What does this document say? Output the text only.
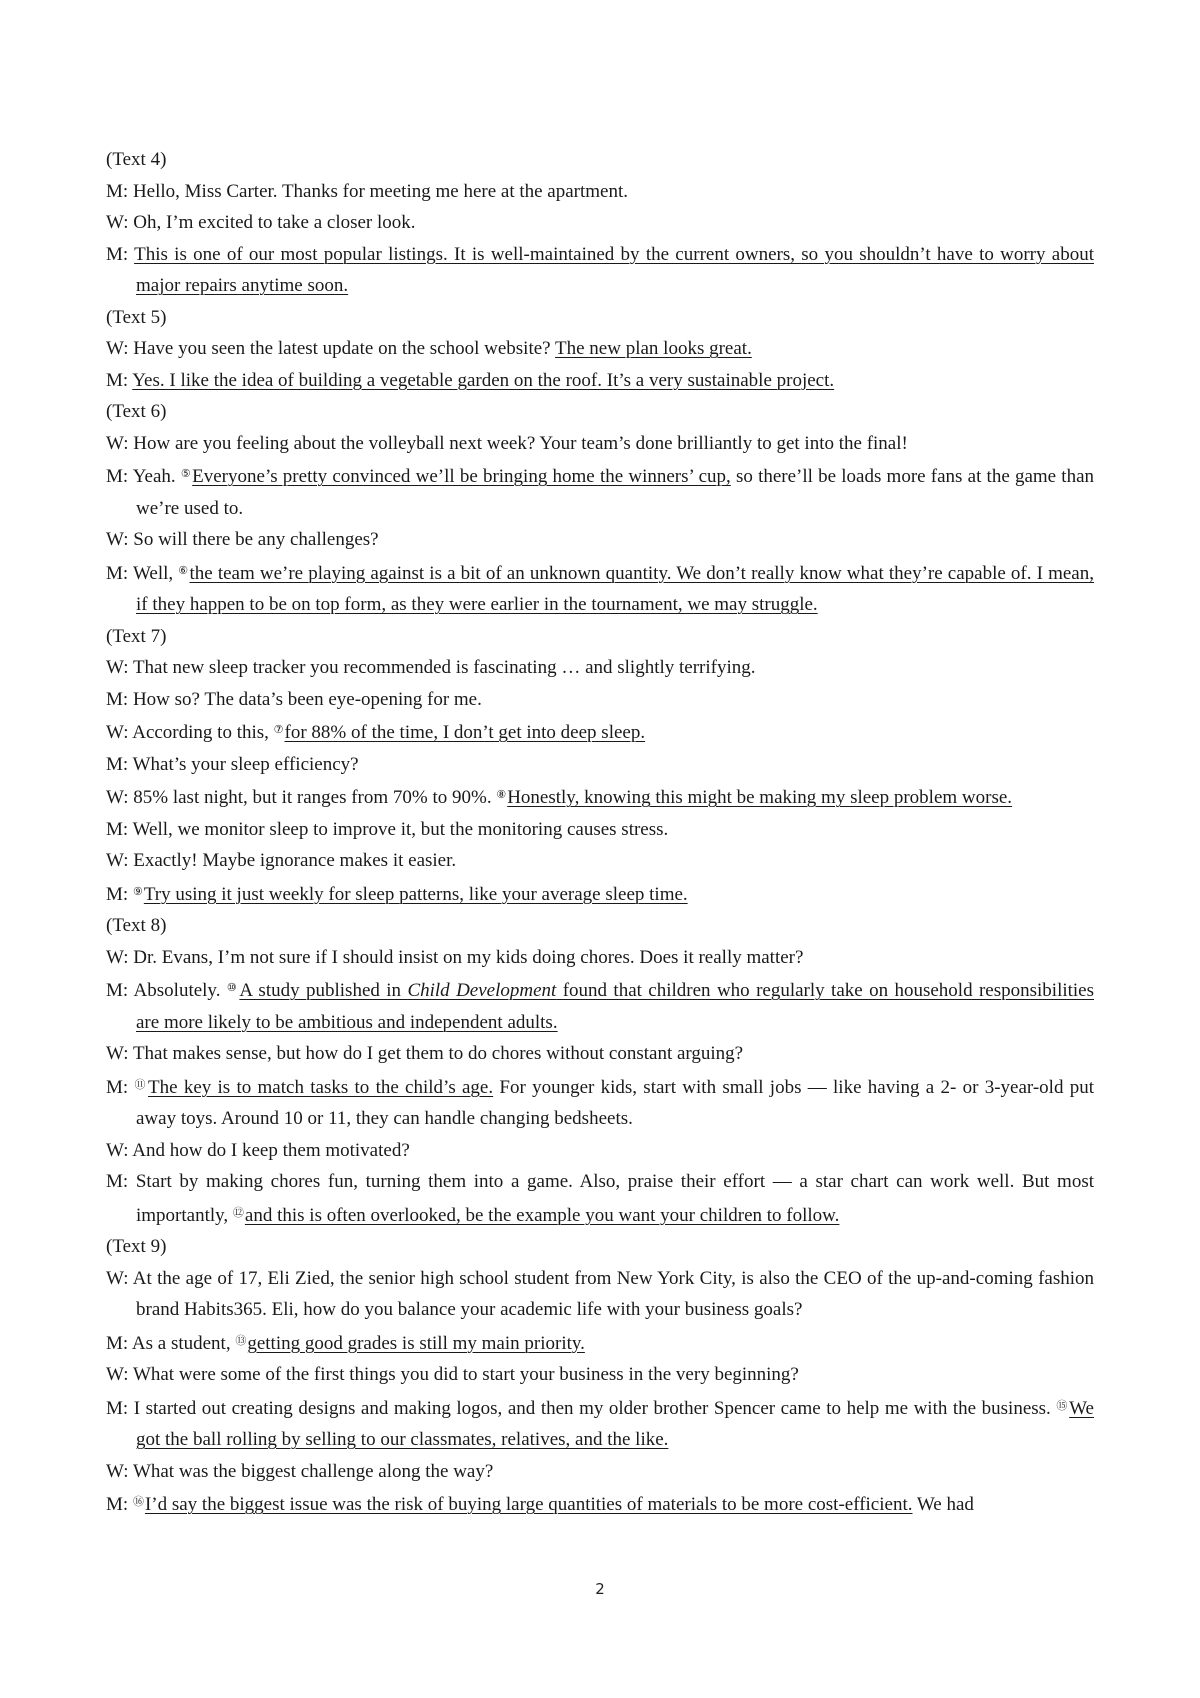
(Text 4)
M: Hello, Miss Carter. Thanks for meeting me here at the apartment.
W: Oh, I’m excited to take a closer look.
M: This is one of our most popular listings. It is well-maintained by the current owners, so you shouldn’t have to worry about major repairs anytime soon.
(Text 5)
W: Have you seen the latest update on the school website? The new plan looks great.
M: Yes. I like the idea of building a vegetable garden on the roof. It’s a very sustainable project.
(Text 6)
W: How are you feeling about the volleyball next week? Your team’s done brilliantly to get into the final!
M: Yeah. ⑤Everyone’s pretty convinced we’ll be bringing home the winners’ cup, so there’ll be loads more fans at the game than we’re used to.
W: So will there be any challenges?
M: Well, ⑥the team we’re playing against is a bit of an unknown quantity. We don’t really know what they’re capable of. I mean, if they happen to be on top form, as they were earlier in the tournament, we may struggle.
(Text 7)
W: That new sleep tracker you recommended is fascinating … and slightly terrifying.
M: How so? The data’s been eye-opening for me.
W: According to this, ⑦for 88% of the time, I don’t get into deep sleep.
M: What’s your sleep efficiency?
W: 85% last night, but it ranges from 70% to 90%. ⑧Honestly, knowing this might be making my sleep problem worse.
M: Well, we monitor sleep to improve it, but the monitoring causes stress.
W: Exactly! Maybe ignorance makes it easier.
M: ⑨Try using it just weekly for sleep patterns, like your average sleep time.
(Text 8)
W: Dr. Evans, I’m not sure if I should insist on my kids doing chores. Does it really matter?
M: Absolutely. ⑩A study published in Child Development found that children who regularly take on household responsibilities are more likely to be ambitious and independent adults.
W: That makes sense, but how do I get them to do chores without constant arguing?
M: ⑪The key is to match tasks to the child’s age. For younger kids, start with small jobs — like having a 2- or 3-year-old put away toys. Around 10 or 11, they can handle changing bedsheets.
W: And how do I keep them motivated?
M: Start by making chores fun, turning them into a game. Also, praise their effort — a star chart can work well. But most importantly, ⑫and this is often overlooked, be the example you want your children to follow.
(Text 9)
W: At the age of 17, Eli Zied, the senior high school student from New York City, is also the CEO of the up-and-coming fashion brand Habits365. Eli, how do you balance your academic life with your business goals?
M: As a student, ⑬getting good grades is still my main priority.
W: What were some of the first things you did to start your business in the very beginning?
M: I started out creating designs and making logos, and then my older brother Spencer came to help me with the business. ⑮We got the ball rolling by selling to our classmates, relatives, and the like.
W: What was the biggest challenge along the way?
M: ⑯I’d say the biggest issue was the risk of buying large quantities of materials to be more cost-efficient. We had
2
